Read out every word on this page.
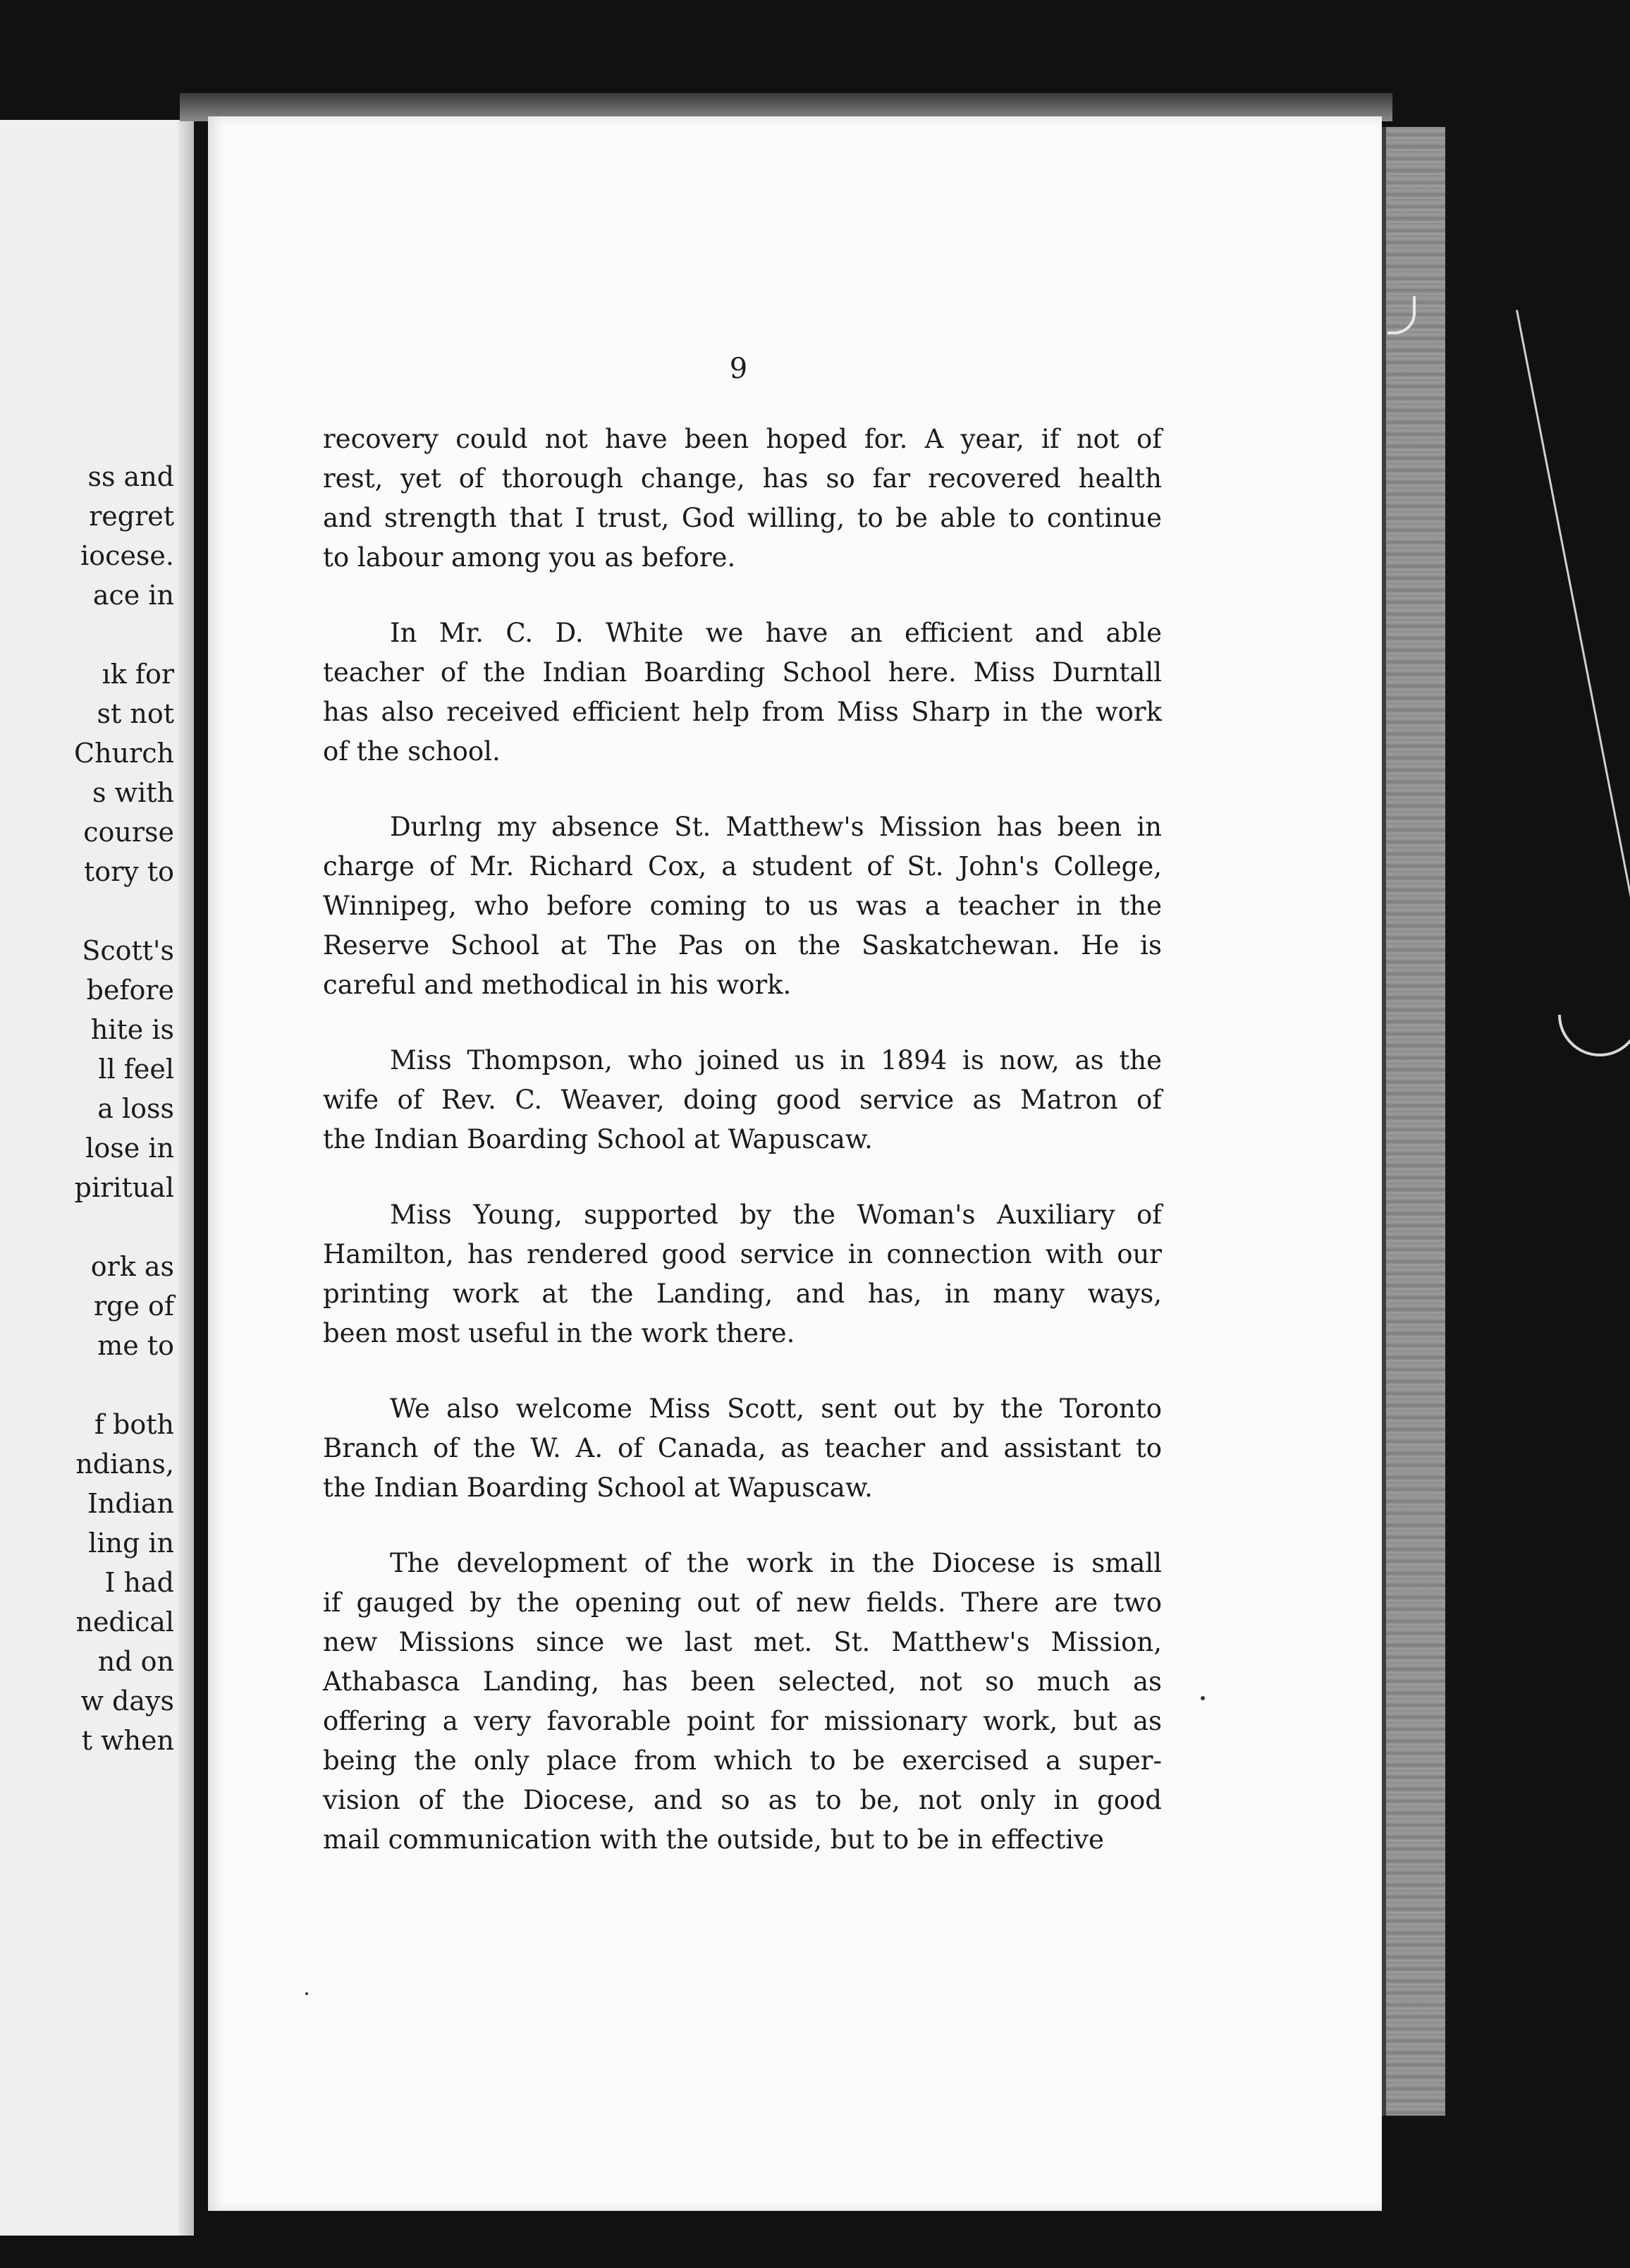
ss and
regret
iocese.
ace in
ık for
st not
Church
s with
course
tory to
Scott's
before
hite is
ll feel
a loss
lose in
piritual
ork as
rge of
me to
f both
ndians,
Indian
ling in
I had
nedical
nd on
w days
t when
9
recovery could not have been hoped for. A year, if not of
rest, yet of thorough change, has so far recovered health
and strength that I trust, God willing, to be able to continue
to labour among you as before.
In Mr. C. D. White we have an efficient and able
teacher of the Indian Boarding School here. Miss Durntall
has also received efficient help from Miss Sharp in the work
of the school.
Durlng my absence St. Matthew's Mission has been in
charge of Mr. Richard Cox, a student of St. John's College,
Winnipeg, who before coming to us was a teacher in the
Reserve School at The Pas on the Saskatchewan. He is
careful and methodical in his work.
Miss Thompson, who joined us in 1894 is now, as the
wife of Rev. C. Weaver, doing good service as Matron of
the Indian Boarding School at Wapuscaw.
Miss Young, supported by the Woman's Auxiliary of
Hamilton, has rendered good service in connection with our
printing work at the Landing, and has, in many ways,
been most useful in the work there.
We also welcome Miss Scott, sent out by the Toronto
Branch of the W. A. of Canada, as teacher and assistant to
the Indian Boarding School at Wapuscaw.
The development of the work in the Diocese is small
if gauged by the opening out of new fields. There are two
new Missions since we last met. St. Matthew's Mission,
Athabasca Landing, has been selected, not so much as
offering a very favorable point for missionary work, but as
being the only place from which to be exercised a super-
vision of the Diocese, and so as to be, not only in good
mail communication with the outside, but to be in effective
